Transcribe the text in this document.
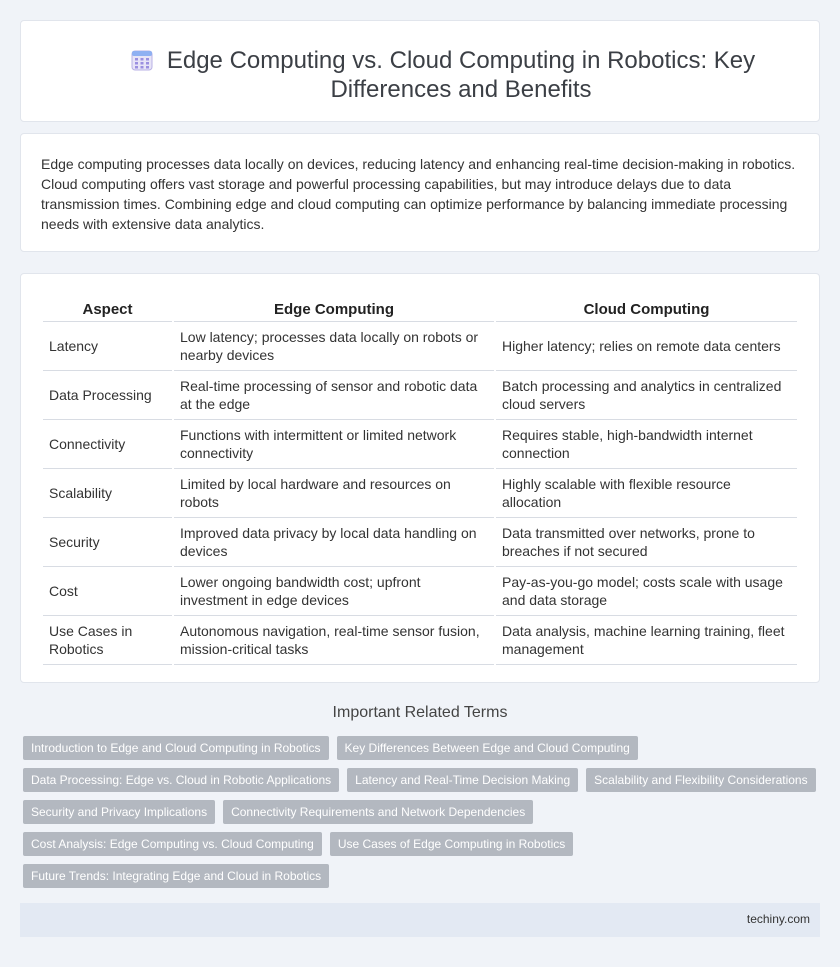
Edge Computing vs. Cloud Computing in Robotics: Key Differences and Benefits

Edge computing processes data locally on devices, reducing latency and enhancing real-time decision-making in robotics. Cloud computing offers vast storage and powerful processing capabilities, but may introduce delays due to data transmission times. Combining edge and cloud computing can optimize performance by balancing immediate processing needs with extensive data analytics.

Aspect	Edge Computing	Cloud Computing
Latency	Low latency; processes data locally on robots or nearby devices	Higher latency; relies on remote data centers
Data Processing	Real-time processing of sensor and robotic data at the edge	Batch processing and analytics in centralized cloud servers
Connectivity	Functions with intermittent or limited network connectivity	Requires stable, high-bandwidth internet connection
Scalability	Limited by local hardware and resources on robots	Highly scalable with flexible resource allocation
Security	Improved data privacy by local data handling on devices	Data transmitted over networks, prone to breaches if not secured
Cost	Lower ongoing bandwidth cost; upfront investment in edge devices	Pay-as-you-go model; costs scale with usage and data storage
Use Cases in Robotics	Autonomous navigation, real-time sensor fusion, mission-critical tasks	Data analysis, machine learning training, fleet management
Important Related Terms
Introduction to Edge and Cloud Computing in Robotics	Key Differences Between Edge and Cloud Computing
Data Processing: Edge vs. Cloud in Robotic Applications	Latency and Real-Time Decision Making	Scalability and Flexibility Considerations
Security and Privacy Implications	Connectivity Requirements and Network Dependencies
Cost Analysis: Edge Computing vs. Cloud Computing	Use Cases of Edge Computing in Robotics
Future Trends: Integrating Edge and Cloud in Robotics
techiny.com
